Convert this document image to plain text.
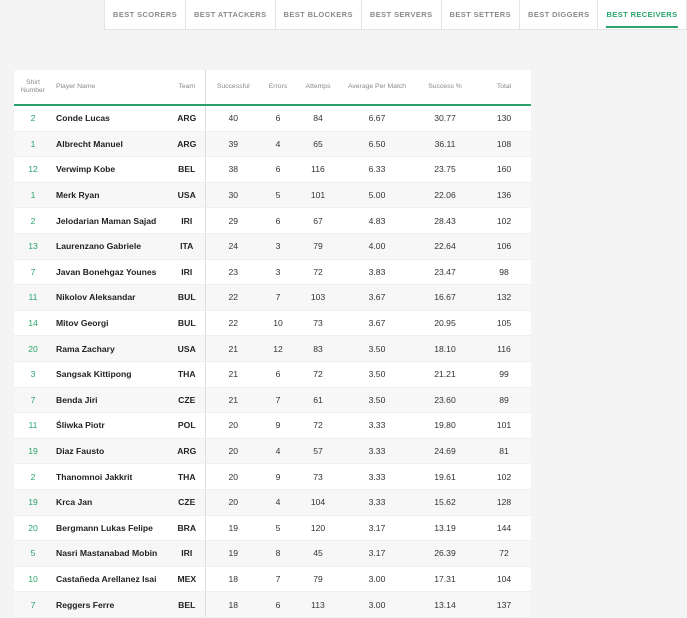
BEST SCORERS	BEST ATTACKERS	BEST BLOCKERS	BEST SERVERS	BEST SETTERS	BEST DIGGERS	BEST RECEIVERS
Shirt
Number	Player Name	Team	Successful	Errors	Attemps	Average Per Match	Success %	Total
2	Conde Lucas	ARG	40	6	84	6.67	30.77	130
1	Albrecht Manuel	ARG	39	4	65	6.50	36.11	108
12	Verwimp Kobe	BEL	38	6	116	6.33	23.75	160
1	Merk Ryan	USA	30	5	101	5.00	22.06	136
2	Jelodarian Maman Sajad	IRI	29	6	67	4.83	28.43	102
13	Laurenzano Gabriele	ITA	24	3	79	4.00	22.64	106
7	Javan Bonehgaz Younes	IRI	23	3	72	3.83	23.47	98
11	Nikolov Aleksandar	BUL	22	7	103	3.67	16.67	132
14	Mitov Georgi	BUL	22	10	73	3.67	20.95	105
20	Rama Zachary	USA	21	12	83	3.50	18.10	116
3	Sangsak Kittipong	THA	21	6	72	3.50	21.21	99
7	Benda Jiri	CZE	21	7	61	3.50	23.60	89
11	Śliwka Piotr	POL	20	9	72	3.33	19.80	101
19	Diaz Fausto	ARG	20	4	57	3.33	24.69	81
2	Thanomnoi Jakkrit	THA	20	9	73	3.33	19.61	102
19	Krca Jan	CZE	20	4	104	3.33	15.62	128
20	Bergmann Lukas Felipe	BRA	19	5	120	3.17	13.19	144
5	Nasri Mastanabad Mobin	IRI	19	8	45	3.17	26.39	72
10	Castañeda Arellanez Isai	MEX	18	7	79	3.00	17.31	104
7	Reggers Ferre	BEL	18	6	113	3.00	13.14	137
